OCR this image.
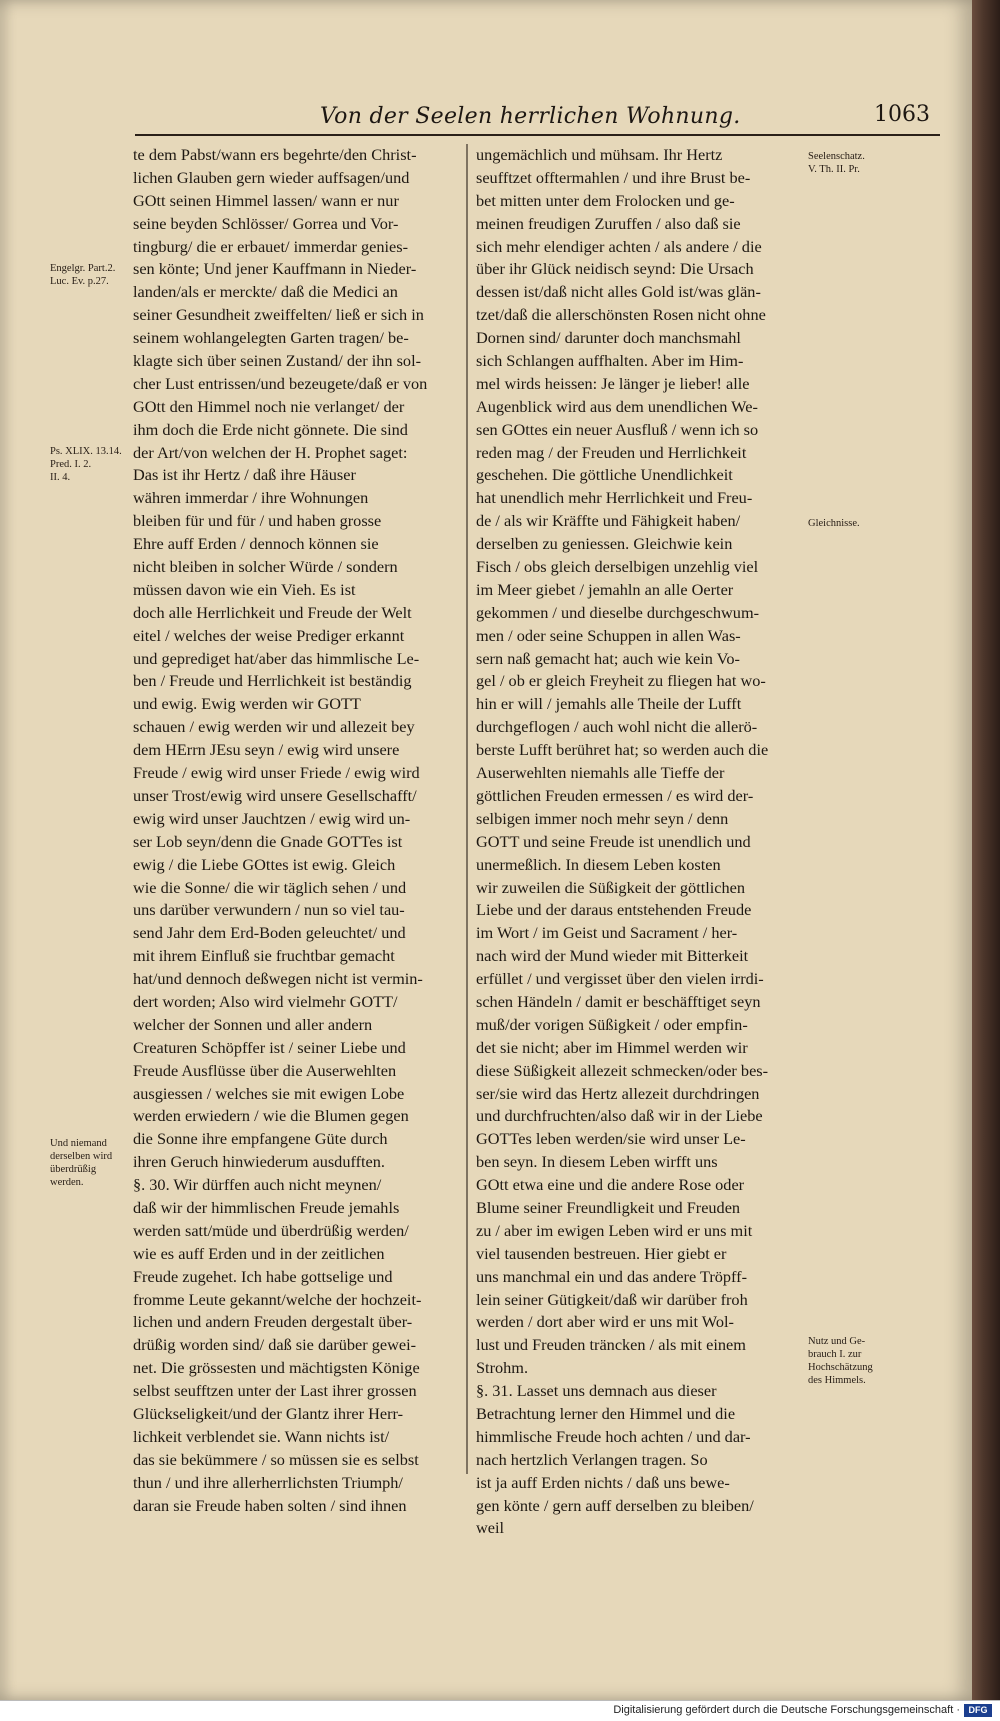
Von der Seelen herrlichen Wohnung.	1063
te dem Pabst/wann ers begehrte/den Christ-
lichen Glauben gern wieder auffsagen/und
GOtt seinen Himmel lassen/ wann er nur
seine beyden Schlösser/ Gorrea und Vor-
tingburg/ die er erbauet/ immerdar genies-
sen könte; Und jener Kauffmann in Nieder-
landen/als er merckte/ daß die Medici an
seiner Gesundheit zweiffelten/ ließ er sich in
seinem wohlangelegten Garten tragen/ be-
klagte sich über seinen Zustand/ der ihn sol-
cher Lust entrissen/und bezeugete/daß er von
GOtt den Himmel noch nie verlanget/ der
ihm doch die Erde nicht gönnete. Die sind
der Art/von welchen der H. Prophet saget:
Das ist ihr Hertz / daß ihre Häuser
währen immerdar / ihre Wohnungen
bleiben für und für / und haben grosse
Ehre auff Erden / dennoch können sie
nicht bleiben in solcher Würde / sondern
müssen davon wie ein Vieh. Es ist
doch alle Herrlichkeit und Freude der Welt
eitel / welches der weise Prediger erkannt
und geprediget hat/aber das himmlische Le-
ben / Freude und Herrlichkeit ist beständig
und ewig. Ewig werden wir GOTT
schauen / ewig werden wir und allezeit bey
dem HErrn JEsu seyn / ewig wird unsere
Freude / ewig wird unser Friede / ewig wird
unser Trost/ewig wird unsere Gesellschafft/
ewig wird unser Jauchtzen / ewig wird un-
ser Lob seyn/denn die Gnade GOTTes ist
ewig / die Liebe GOttes ist ewig. Gleich
wie die Sonne/ die wir täglich sehen / und
uns darüber verwundern / nun so viel tau-
send Jahr dem Erd-Boden geleuchtet/ und
mit ihrem Einfluß sie fruchtbar gemacht
hat/und dennoch deßwegen nicht ist vermin-
dert worden; Also wird vielmehr GOTT/
welcher der Sonnen und aller andern
Creaturen Schöpffer ist / seiner Liebe und
Freude Ausflüsse über die Auserwehlten
ausgiessen / welches sie mit ewigen Lobe
werden erwiedern / wie die Blumen gegen
die Sonne ihre empfangene Güte durch
ihren Geruch hinwiederum ausdufften.
§. 30. Wir dürffen auch nicht meynen/
daß wir der himmlischen Freude jemahls
werden satt/müde und überdrüßig werden/
wie es auff Erden und in der zeitlichen
Freude zugehet. Ich habe gottselige und
fromme Leute gekannt/welche der hochzeit-
lichen und andern Freuden dergestalt über-
drüßig worden sind/ daß sie darüber gewei-
net. Die grössesten und mächtigsten Könige
selbst seufftzen unter der Last ihrer grossen
Glückseligkeit/und der Glantz ihrer Herr-
lichkeit verblendet sie. Wann nichts ist/
das sie bekümmere / so müssen sie es selbst
thun / und ihre allerherrlichsten Triumph/
daran sie Freude haben solten / sind ihnen
ungemächlich und mühsam. Ihr Hertz
seufftzet offtermahlen / und ihre Brust be-
bet mitten unter dem Frolocken und ge-
meinen freudigen Zuruffen / also daß sie
sich mehr elendiger achten / als andere / die
über ihr Glück neidisch seynd: Die Ursach
dessen ist/daß nicht alles Gold ist/was glän-
tzet/daß die allerschönsten Rosen nicht ohne
Dornen sind/ darunter doch manchsmahl
sich Schlangen auffhalten. Aber im Him-
mel wirds heissen: Je länger je lieber! alle
Augenblick wird aus dem unendlichen We-
sen GOttes ein neuer Ausfluß / wenn ich so
reden mag / der Freuden und Herrlichkeit
geschehen. Die göttliche Unendlichkeit
hat unendlich mehr Herrlichkeit und Freu-
de / als wir Kräffte und Fähigkeit haben/
derselben zu geniessen. Gleichwie kein
Fisch / obs gleich derselbigen unzehlig viel
im Meer giebet / jemahln an alle Oerter
gekommen / und dieselbe durchgeschwum-
men / oder seine Schuppen in allen Was-
sern naß gemacht hat; auch wie kein Vo-
gel / ob er gleich Freyheit zu fliegen hat wo-
hin er will / jemahls alle Theile der Lufft
durchgeflogen / auch wohl nicht die allerö-
berste Lufft berühret hat; so werden auch die
Auserwehlten niemahls alle Tieffe der
göttlichen Freuden ermessen / es wird der-
selbigen immer noch mehr seyn / denn
GOTT und seine Freude ist unendlich und
unermeßlich. In diesem Leben kosten
wir zuweilen die Süßigkeit der göttlichen
Liebe und der daraus entstehenden Freude
im Wort / im Geist und Sacrament / her-
nach wird der Mund wieder mit Bitterkeit
erfüllet / und vergisset über den vielen irrdi-
schen Händeln / damit er beschäfftiget seyn
muß/der vorigen Süßigkeit / oder empfin-
det sie nicht; aber im Himmel werden wir
diese Süßigkeit allezeit schmecken/oder bes-
ser/sie wird das Hertz allezeit durchdringen
und durchfruchten/also daß wir in der Liebe
GOTTes leben werden/sie wird unser Le-
ben seyn. In diesem Leben wirfft uns
GOtt etwa eine und die andere Rose oder
Blume seiner Freundligkeit und Freuden
zu / aber im ewigen Leben wird er uns mit
viel tausenden bestreuen. Hier giebt er
uns manchmal ein und das andere Tröpff-
lein seiner Gütigkeit/daß wir darüber froh
werden / dort aber wird er uns mit Wol-
lust und Freuden träncken / als mit einem
Strohm.
§. 31. Lasset uns demnach aus dieser
Betrachtung lerner den Himmel und die
himmlische Freude hoch achten / und dar-
nach hertzlich Verlangen tragen. So
ist ja auff Erden nichts / daß uns bewe-
gen könte / gern auff derselben zu bleiben/
weil
Engelgr. Part.2.
Luc. Ev. p.27.
Ps. XLIX. 13.14.
Pred. I. 2.
II. 4.
Und niemand
derselben wird
überdrüßig
werden.
Seelenschatz.
V. Th. II. Pr.
Gleichnisse.
Nutz und Ge-
brauch I. zur
Hochschätzung
des Himmels.
Digitalisierung gefördert durch die Deutsche Forschungsgemeinschaft · DFG
